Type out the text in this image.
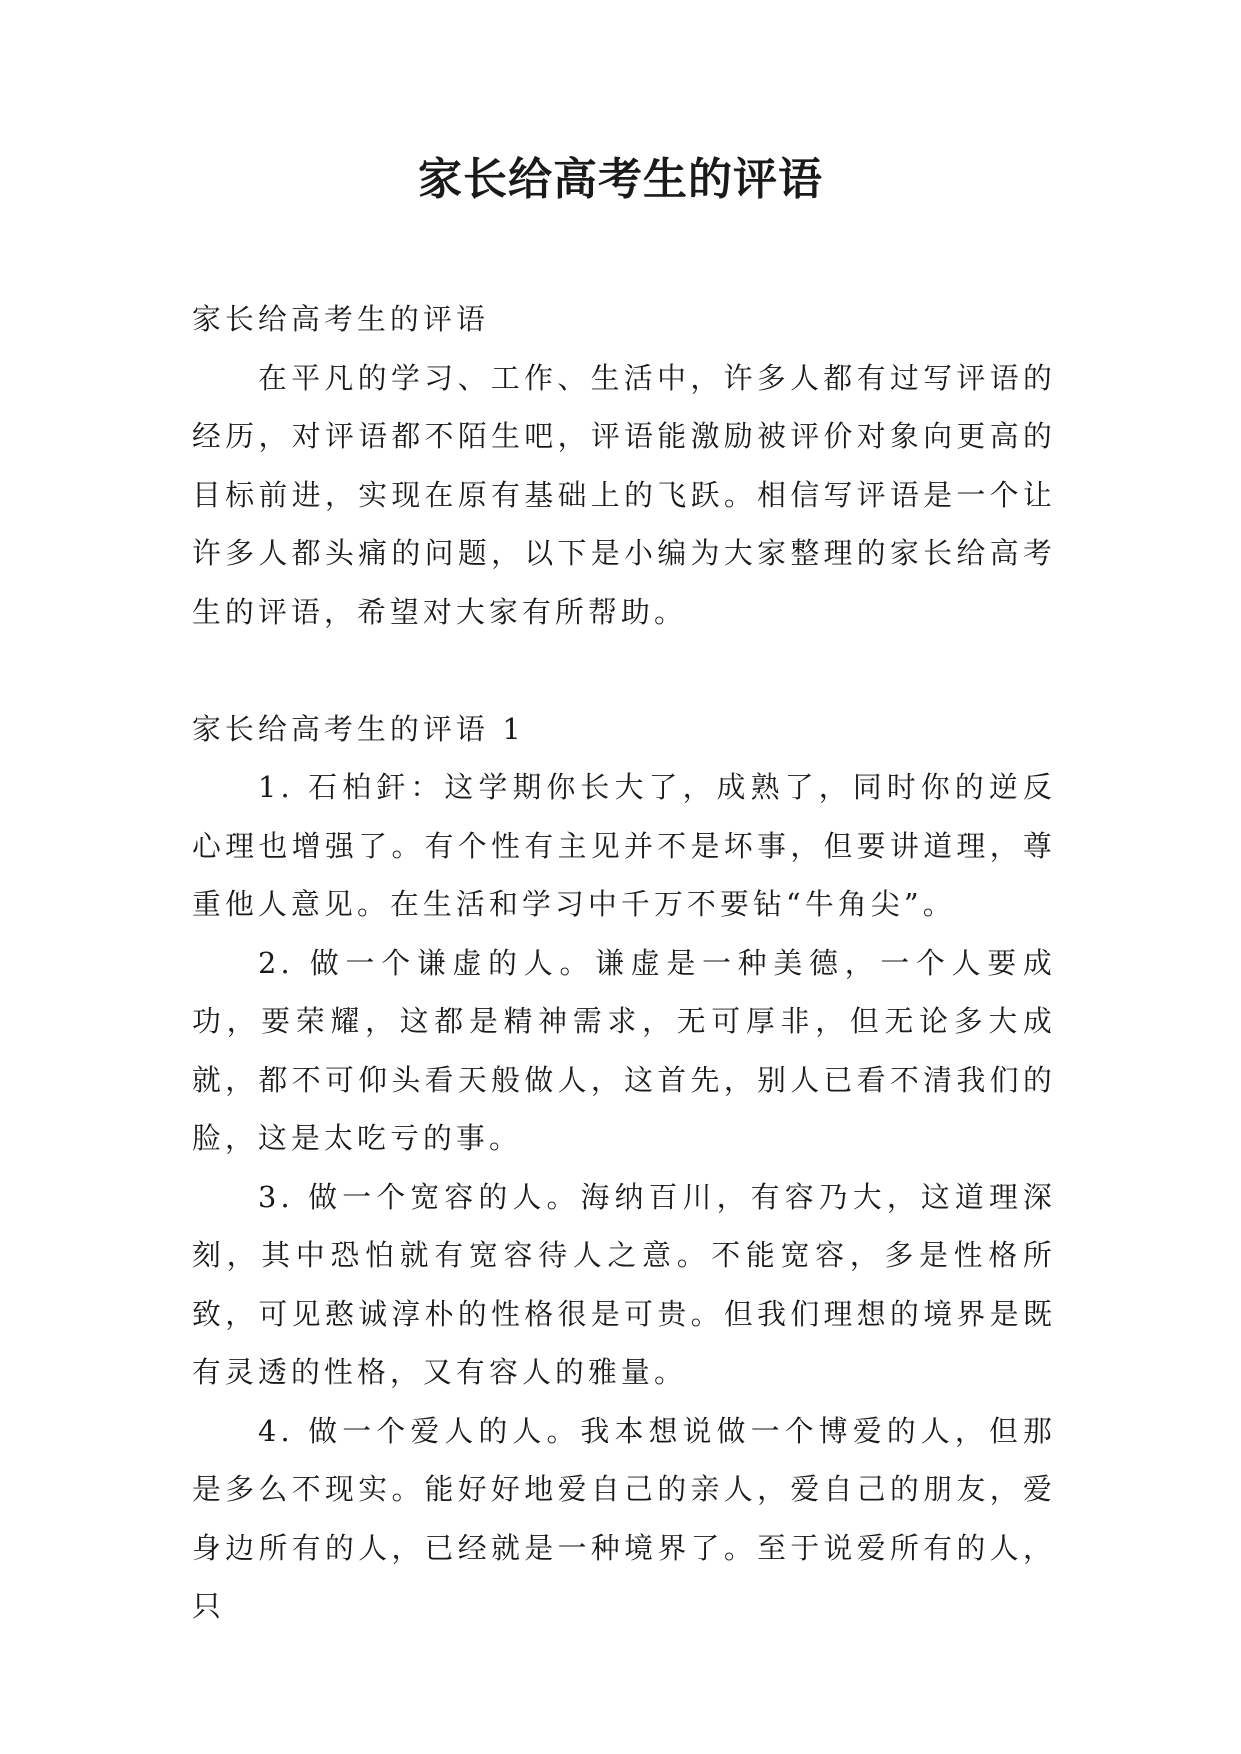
家长给高考生的评语

家长给高考生的评语

在平凡的学习、工作、生活中，许多人都有过写评语的经历，对评语都不陌生吧，评语能激励被评价对象向更高的目标前进，实现在原有基础上的飞跃。相信写评语是一个让许多人都头痛的问题，以下是小编为大家整理的家长给高考生的评语，希望对大家有所帮助。

家长给高考生的评语 1

1. 石柏釬：这学期你长大了，成熟了，同时你的逆反心理也增强了。有个性有主见并不是坏事，但要讲道理，尊重他人意见。在生活和学习中千万不要钻“牛角尖”。

2. 做一个谦虚的人。谦虚是一种美德，一个人要成功，要荣耀，这都是精神需求，无可厚非，但无论多大成就，都不可仰头看天般做人，这首先，别人已看不清我们的脸，这是太吃亏的事。

3. 做一个宽容的人。海纳百川，有容乃大，这道理深刻，其中恐怕就有宽容待人之意。不能宽容，多是性格所致，可见憨诚淳朴的性格很是可贵。但我们理想的境界是既有灵透的性格，又有容人的雅量。

4. 做一个爱人的人。我本想说做一个博爱的人，但那是多么不现实。能好好地爱自己的亲人，爱自己的朋友，爱身边所有的人，已经就是一种境界了。至于说爱所有的人，只
